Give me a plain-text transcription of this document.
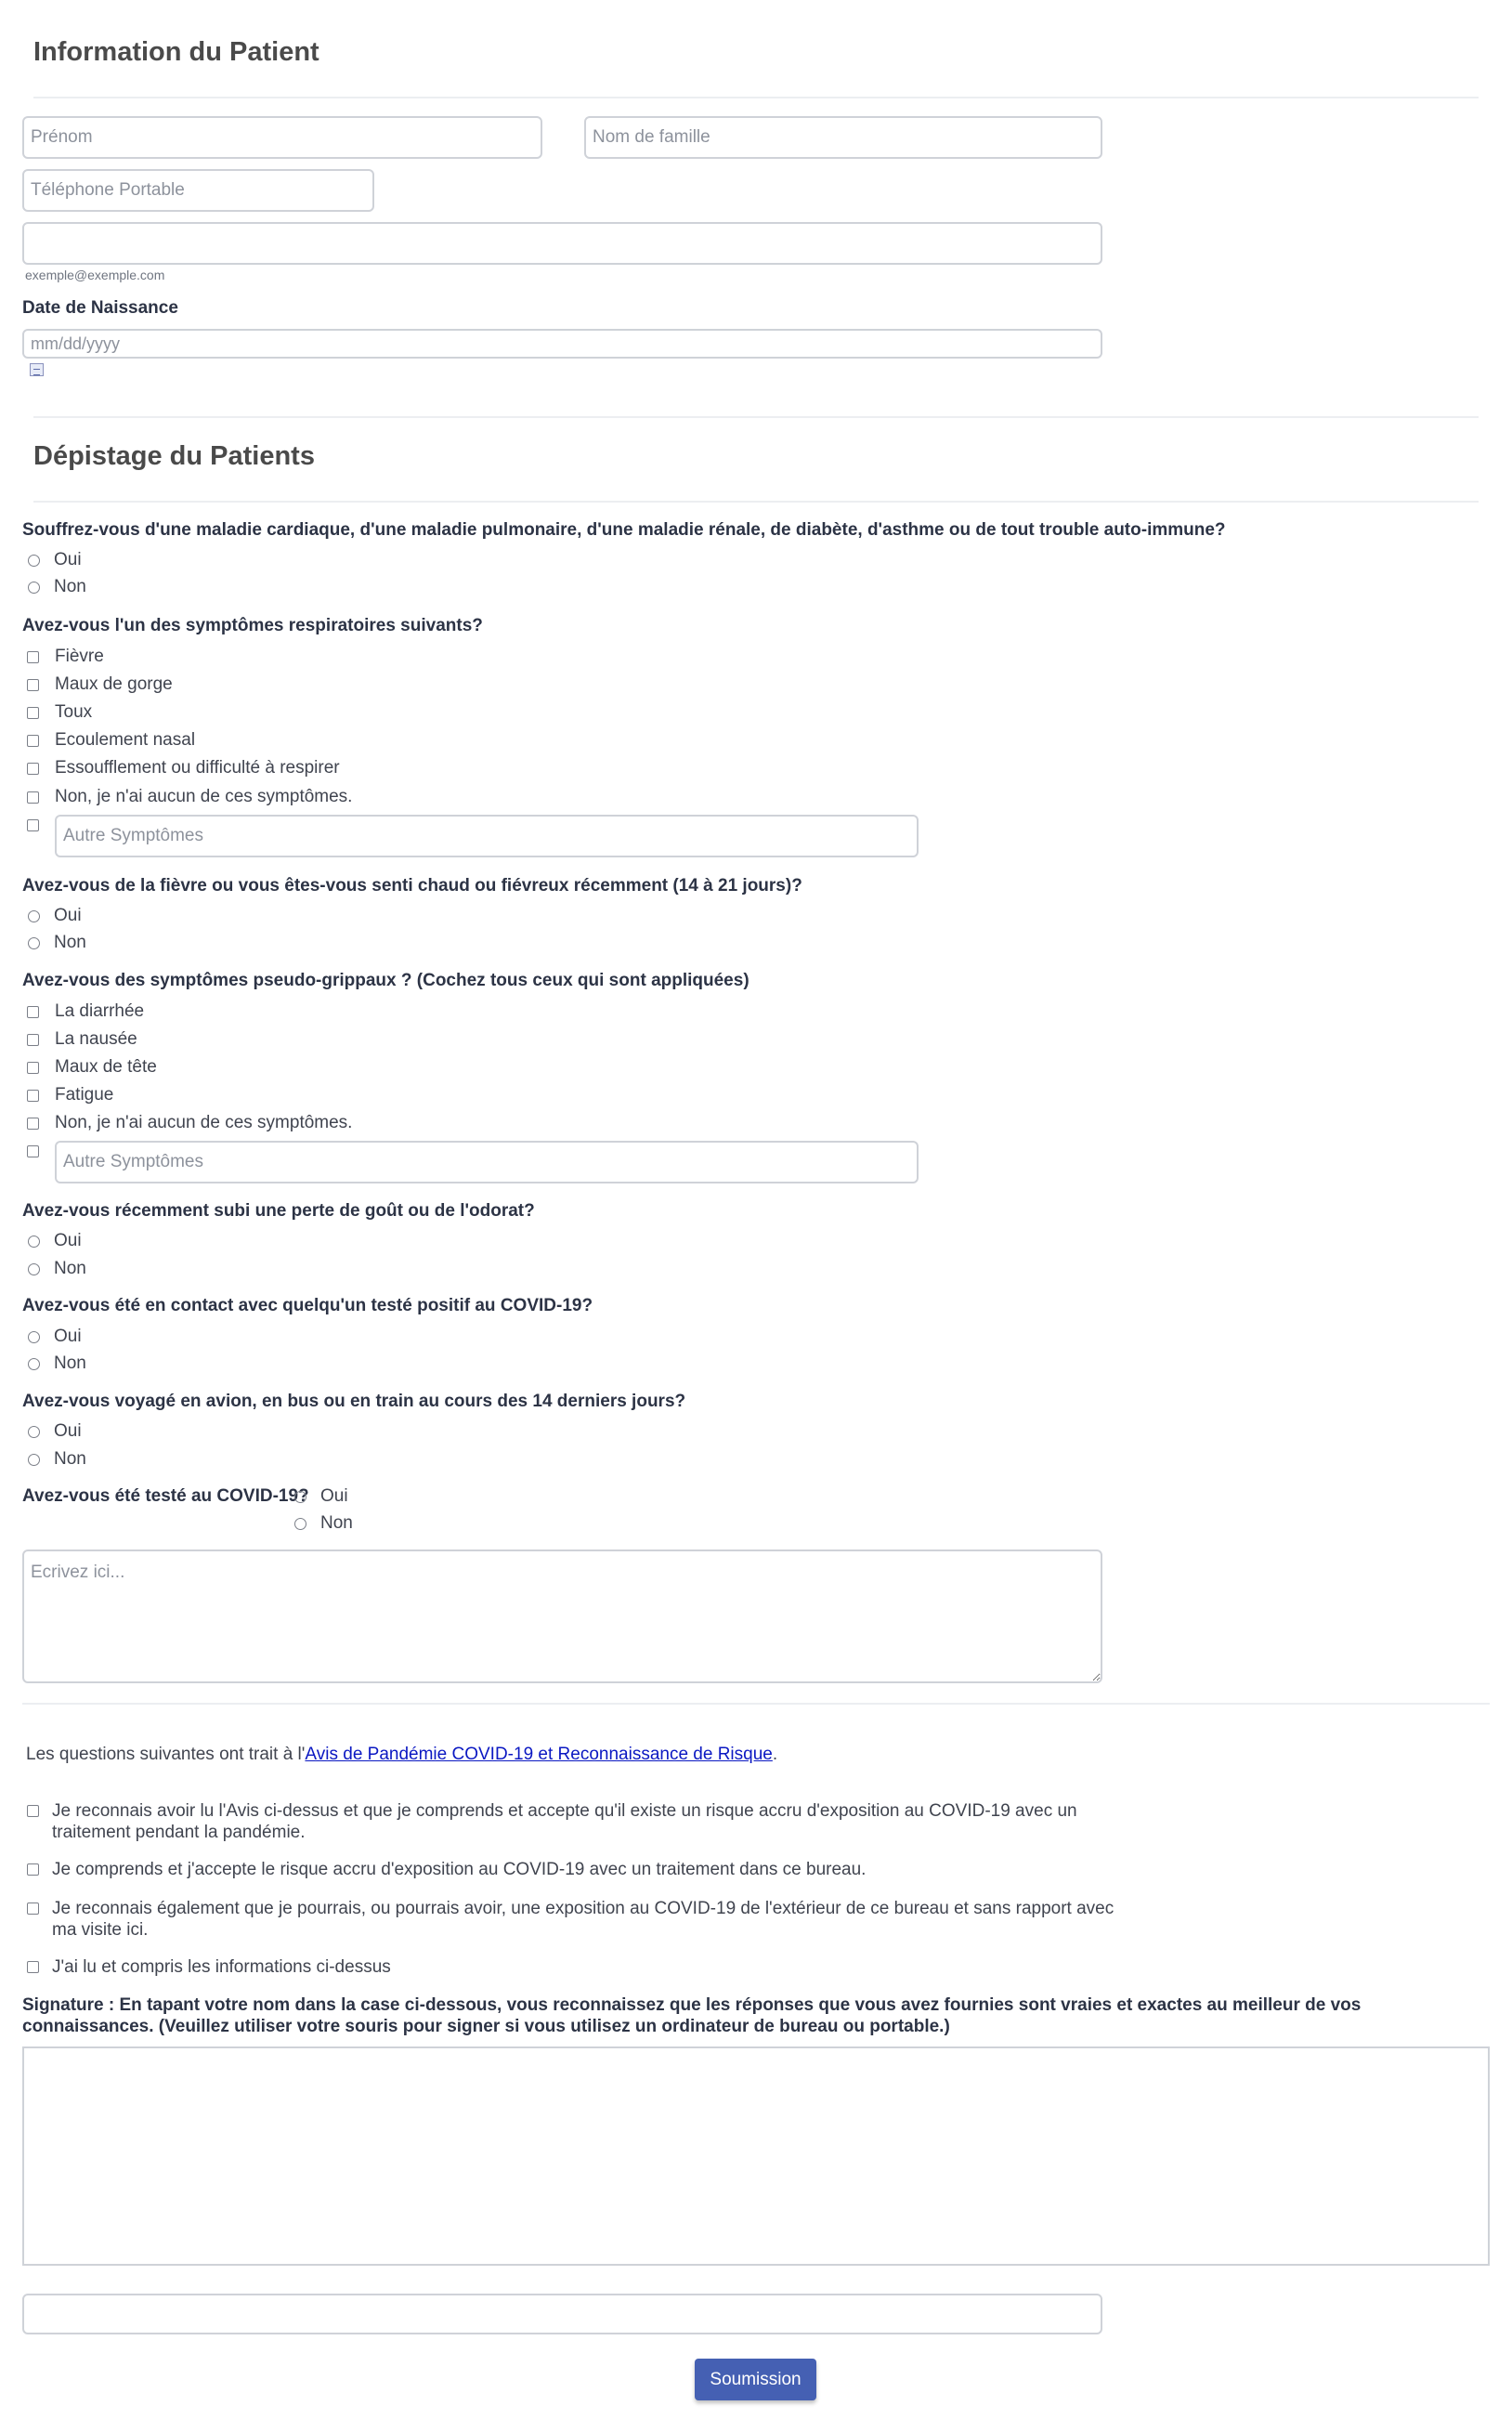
Information du Patient
Prénom
Nom de famille
Téléphone Portable
exemple@exemple.com
Date de Naissance
mm/dd/yyyy
Dépistage du Patients
Souffrez-vous d'une maladie cardiaque, d'une maladie pulmonaire, d'une maladie rénale, de diabète, d'asthme ou de tout trouble auto-immune?
Oui
Non
Avez-vous l'un des symptômes respiratoires suivants?
Fièvre
Maux de gorge
Toux
Ecoulement nasal
Essoufflement ou difficulté à respirer
Non, je n'ai aucun de ces symptômes.
Autre Symptômes
Avez-vous de la fièvre ou vous êtes-vous senti chaud ou fiévreux récemment (14 à 21 jours)?
Oui
Non
Avez-vous des symptômes pseudo-grippaux ? (Cochez tous ceux qui sont appliquées)
La diarrhée
La nausée
Maux de tête
Fatigue
Non, je n'ai aucun de ces symptômes.
Autre Symptômes
Avez-vous récemment subi une perte de goût ou de l'odorat?
Oui
Non
Avez-vous été en contact avec quelqu'un testé positif au COVID-19?
Oui
Non
Avez-vous voyagé en avion, en bus ou en train au cours des 14 derniers jours?
Oui
Non
Avez-vous été testé au COVID-19? Oui
Non
Ecrivez ici...
Les questions suivantes ont trait à l'Avis de Pandémie COVID-19 et Reconnaissance de Risque.
Je reconnais avoir lu l'Avis ci-dessus et que je comprends et accepte qu'il existe un risque accru d'exposition au COVID-19 avec un traitement pendant la pandémie.
Je comprends et j'accepte le risque accru d'exposition au COVID-19 avec un traitement dans ce bureau.
Je reconnais également que je pourrais, ou pourrais avoir, une exposition au COVID-19 de l'extérieur de ce bureau et sans rapport avec ma visite ici.
J'ai lu et compris les informations ci-dessus
Signature : En tapant votre nom dans la case ci-dessous, vous reconnaissez que les réponses que vous avez fournies sont vraies et exactes au meilleur de vos connaissances. (Veuillez utiliser votre souris pour signer si vous utilisez un ordinateur de bureau ou portable.)
Soumission
